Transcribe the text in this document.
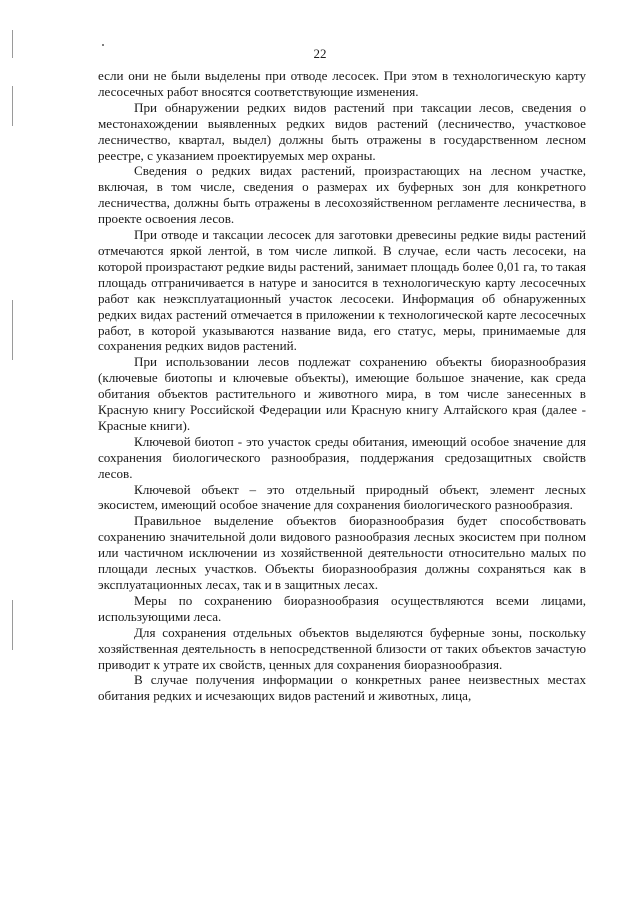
22

если они не были выделены при отводе лесосек. При этом в технологическую карту лесосечных работ вносятся соответствующие изменения.

При обнаружении редких видов растений при таксации лесов, сведения о местонахождении выявленных редких видов растений (лесничество, участковое лесничество, квартал, выдел) должны быть отражены в государственном лесном реестре, с указанием проектируемых мер охраны.

Сведения о редких видах растений, произрастающих на лесном участке, включая, в том числе, сведения о размерах их буферных зон для конкретного лесничества, должны быть отражены в лесохозяйственном регламенте лесничества, в проекте освоения лесов.

При отводе и таксации лесосек для заготовки древесины редкие виды растений отмечаются яркой лентой, в том числе липкой. В случае, если часть лесосеки, на которой произрастают редкие виды растений, занимает площадь более 0,01 га, то такая площадь отграничивается в натуре и заносится в технологическую карту лесосечных работ как неэксплуатационный участок лесосеки. Информация об обнаруженных редких видах растений отмечается в приложении к технологической карте лесосечных работ, в которой указываются название вида, его статус, меры, принимаемые для сохранения редких видов растений.

При использовании лесов подлежат сохранению объекты биоразнообразия (ключевые биотопы и ключевые объекты), имеющие большое значение, как среда обитания объектов растительного и животного мира, в том числе занесенных в Красную книгу Российской Федерации или Красную книгу Алтайского края (далее - Красные книги).

Ключевой биотоп - это участок среды обитания, имеющий особое значение для сохранения биологического разнообразия, поддержания средозащитных свойств лесов.

Ключевой объект – это отдельный природный объект, элемент лесных экосистем, имеющий особое значение для сохранения биологического разнообразия.

Правильное выделение объектов биоразнообразия будет способствовать сохранению значительной доли видового разнообразия лесных экосистем при полном или частичном исключении из хозяйственной деятельности относительно малых по площади лесных участков. Объекты биоразнообразия должны сохраняться как в эксплуатационных лесах, так и в защитных лесах.

Меры по сохранению биоразнообразия осуществляются всеми лицами, использующими леса.

Для сохранения отдельных объектов выделяются буферные зоны, поскольку хозяйственная деятельность в непосредственной близости от таких объектов зачастую приводит к утрате их свойств, ценных для сохранения биоразнообразия.

В случае получения информации о конкретных ранее неизвестных местах обитания редких и исчезающих видов растений и животных, лица,
